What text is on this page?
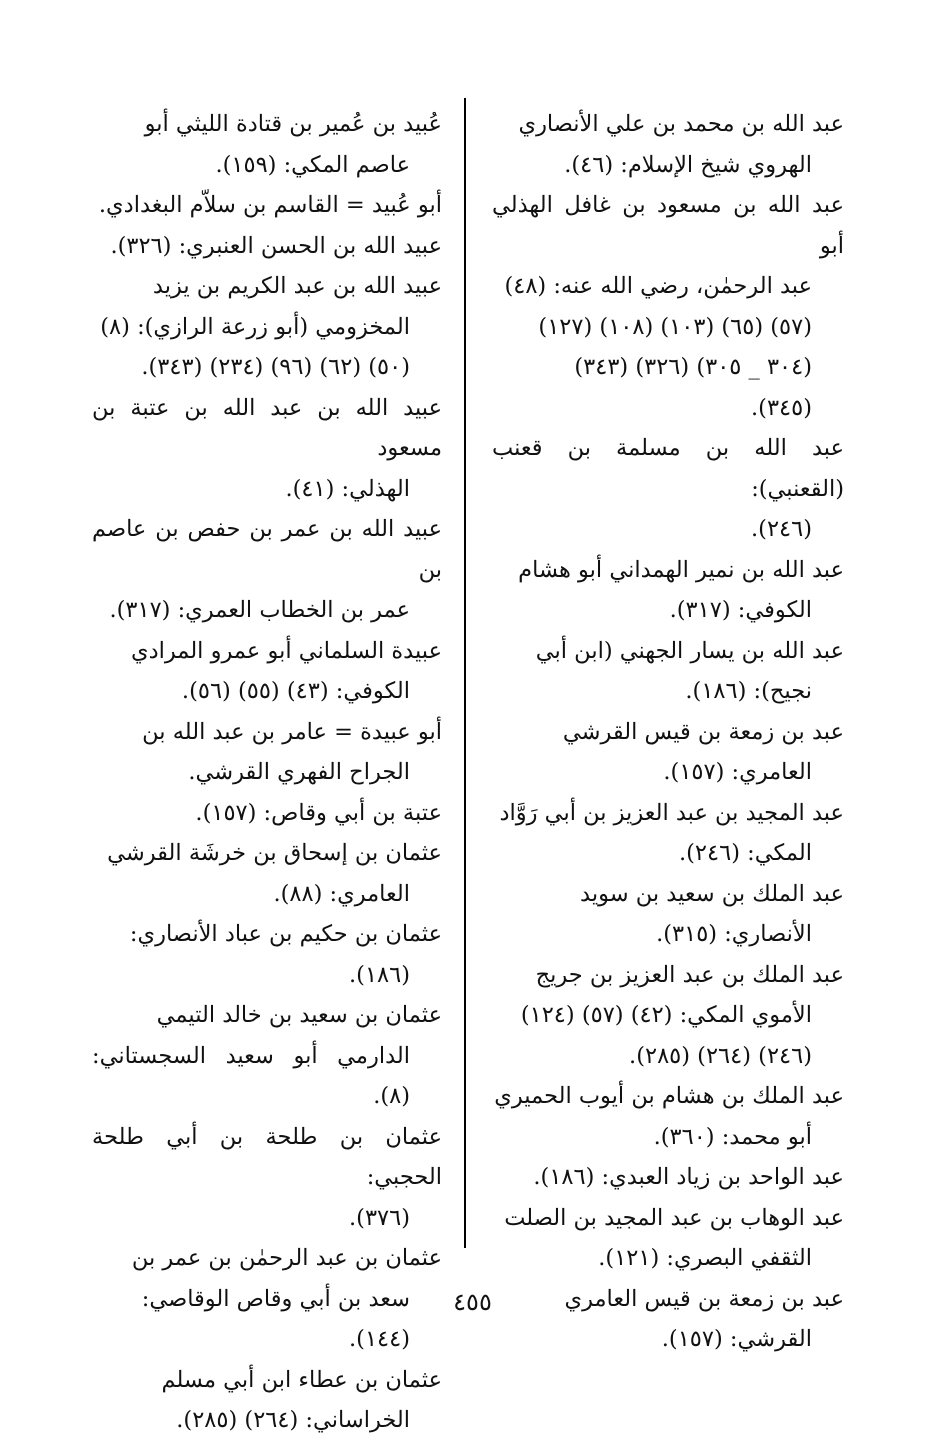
عبد الله بن محمد بن علي الأنصاري
الهروي شيخ الإسلام: (٤٦).
عبد الله بن مسعود بن غافل الهذلي أبو
عبد الرحمٰن، رضي الله عنه: (٤٨)
(٥٧) (٦٥) (١٠٣) (١٠٨) (١٢٧)
(٣٠٤ _ ٣٠٥) (٣٢٦) (٣٤٣)
(٣٤٥).
عبد الله بن مسلمة بن قعنب (القعنبي):
(٢٤٦).
عبد الله بن نمير الهمداني أبو هشام
الكوفي: (٣١٧).
عبد الله بن يسار الجهني (ابن أبي
نجيح): (١٨٦).
عبد بن زمعة بن قيس القرشي
العامري: (١٥٧).
عبد المجيد بن عبد العزيز بن أبي رَوَّاد
المكي: (٢٤٦).
عبد الملك بن سعيد بن سويد
الأنصاري: (٣١٥).
عبد الملك بن عبد العزيز بن جريج
الأموي المكي: (٤٢) (٥٧) (١٢٤)
(٢٤٦) (٢٦٤) (٢٨٥).
عبد الملك بن هشام بن أيوب الحميري
أبو محمد: (٣٦٠).
عبد الواحد بن زياد العبدي: (١٨٦).
عبد الوهاب بن عبد المجيد بن الصلت
الثقفي البصري: (١٢١).
عبد بن زمعة بن قيس العامري
القرشي: (١٥٧).
عُبيد بن عُمير بن قتادة الليثي أبو
عاصم المكي: (١٥٩).
أبو عُبيد = القاسم بن سلاّم البغدادي.
عبيد الله بن الحسن العنبري: (٣٢٦).
عبيد الله بن عبد الكريم بن يزيد
المخزومي (أبو زرعة الرازي): (٨)
(٥٠) (٦٢) (٩٦) (٢٣٤) (٣٤٣).
عبيد الله بن عبد الله بن عتبة بن مسعود
الهذلي: (٤١).
عبيد الله بن عمر بن حفص بن عاصم بن
عمر بن الخطاب العمري: (٣١٧).
عبيدة السلماني أبو عمرو المرادي
الكوفي: (٤٣) (٥٥) (٥٦).
أبو عبيدة = عامر بن عبد الله بن
الجراح الفهري القرشي.
عتبة بن أبي وقاص: (١٥٧).
عثمان بن إسحاق بن خرشَة القرشي
العامري: (٨٨).
عثمان بن حكيم بن عباد الأنصاري:
(١٨٦).
عثمان بن سعيد بن خالد التيمي
الدارمي أبو سعيد السجستاني: (٨).
عثمان بن طلحة بن أبي طلحة الحجبي:
(٣٧٦).
عثمان بن عبد الرحمٰن بن عمر بن
سعد بن أبي وقاص الوقاصي:
(١٤٤).
عثمان بن عطاء ابن أبي مسلم
الخراساني: (٢٦٤) (٢٨٥).
٤٥٥
